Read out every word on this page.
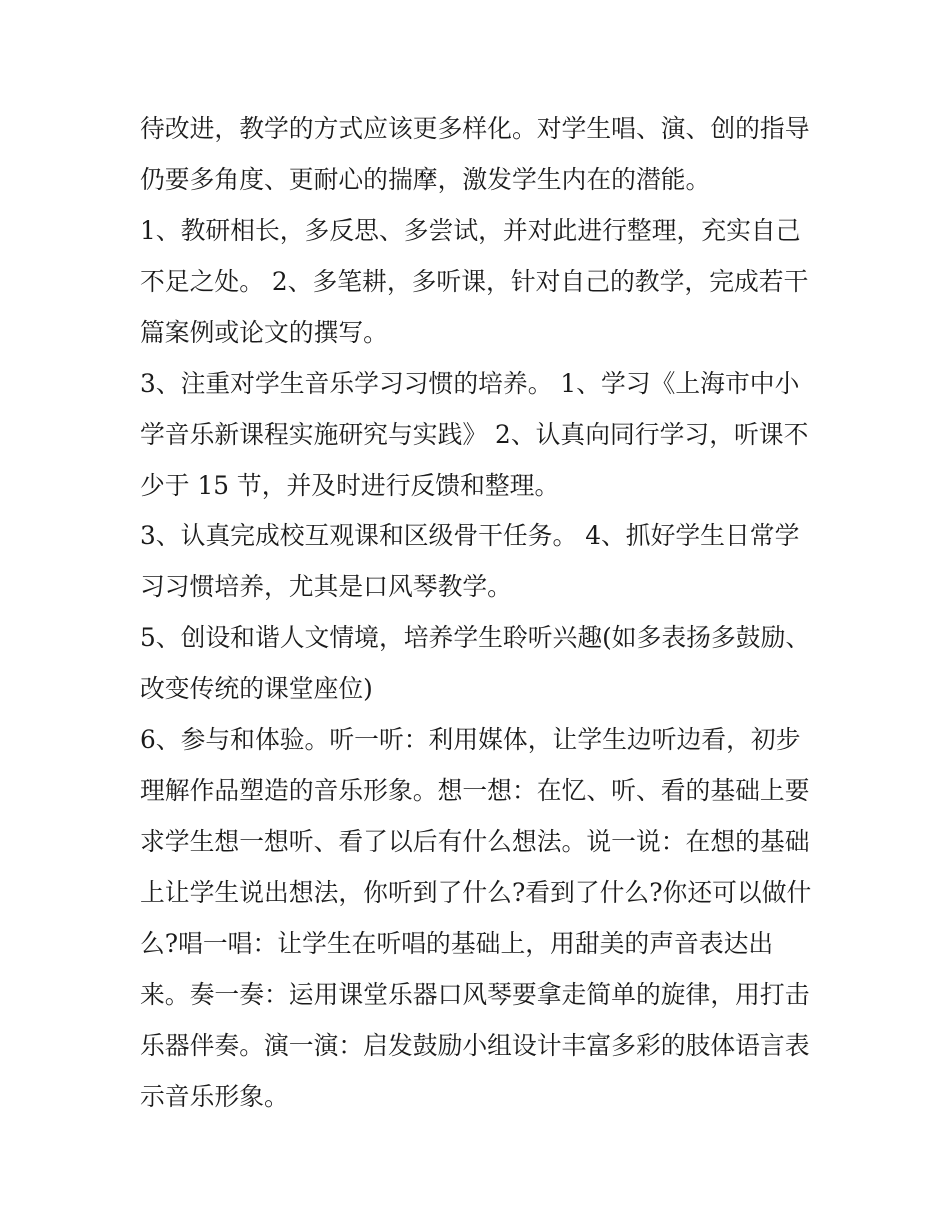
待改进，教学的方式应该更多样化。对学生唱、演、创的指导
仍要多角度、更耐心的揣摩，激发学生内在的潜能。
1、教研相长，多反思、多尝试，并对此进行整理，充实自己
不足之处。 2、多笔耕，多听课，针对自己的教学，完成若干
篇案例或论文的撰写。
3、注重对学生音乐学习习惯的培养。 1、学习《上海市中小
学音乐新课程实施研究与实践》 2、认真向同行学习，听课不
少于 15 节，并及时进行反馈和整理。
3、认真完成校互观课和区级骨干任务。 4、抓好学生日常学
习习惯培养，尤其是口风琴教学。
5、创设和谐人文情境，培养学生聆听兴趣(如多表扬多鼓励、
改变传统的课堂座位)
6、参与和体验。听一听：利用媒体，让学生边听边看，初步
理解作品塑造的音乐形象。想一想：在忆、听、看的基础上要
求学生想一想听、看了以后有什么想法。说一说：在想的基础
上让学生说出想法，你听到了什么?看到了什么?你还可以做什
么?唱一唱：让学生在听唱的基础上，用甜美的声音表达出
来。奏一奏：运用课堂乐器口风琴要拿走简单的旋律，用打击
乐器伴奏。演一演：启发鼓励小组设计丰富多彩的肢体语言表
示音乐形象。
